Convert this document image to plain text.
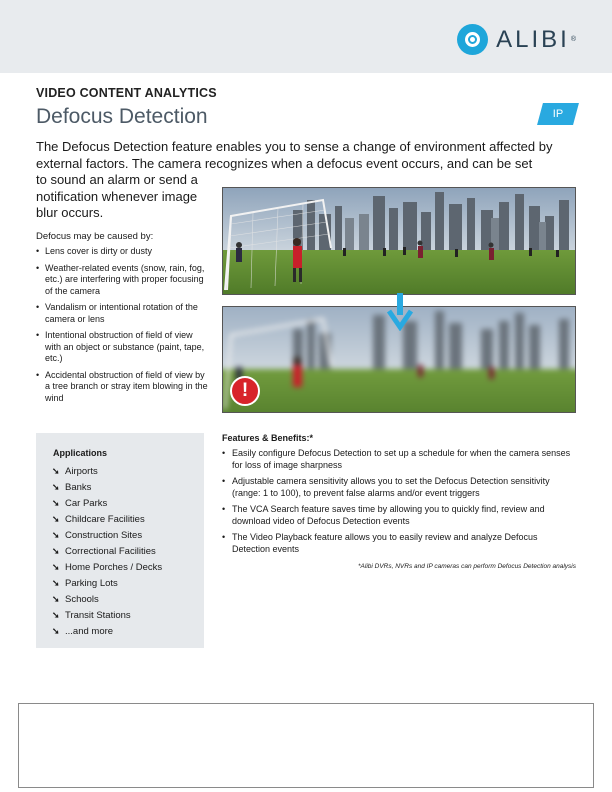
ALIBI ®
VIDEO CONTENT ANALYTICS
Defocus Detection	IP

The Defocus Detection feature enables you to sense a change of environment affected by external factors. The camera recognizes when a defocus event occurs, and can be set

to sound an alarm or send a notification whenever image blur occurs.

Defocus may be caused by:
• Lens cover is dirty or dusty
• Weather-related events (snow, rain, fog, etc.) are interfering with proper focusing of the camera
• Vandalism or intentional rotation of the camera or lens
• Intentional obstruction of field of view with an object or substance (paint, tape, etc.)
• Accidental obstruction of field of view by a tree branch or stray item blowing in the wind	!
Applications
➘ Airports
➘ Banks
➘ Car Parks
➘ Childcare Facilities
➘ Construction Sites
➘ Correctional Facilities
➘ Home Porches / Decks
➘ Parking Lots
➘ Schools
➘ Transit Stations
➘ ...and more
Features & Benefits:*
• Easily configure Defocus Detection to set up a schedule for when the camera senses for loss of image sharpness
• Adjustable camera sensitivity allows you to set the Defocus Detection sensitivity (range: 1 to 100), to prevent false alarms and/or event triggers
• The VCA Search feature saves time by allowing you to quickly find, review and download video of Defocus Detection events
• The Video Playback feature allows you to easily review and analyze Defocus Detection events
*Alibi DVRs, NVRs and IP cameras can perform Defocus Detection analysis
